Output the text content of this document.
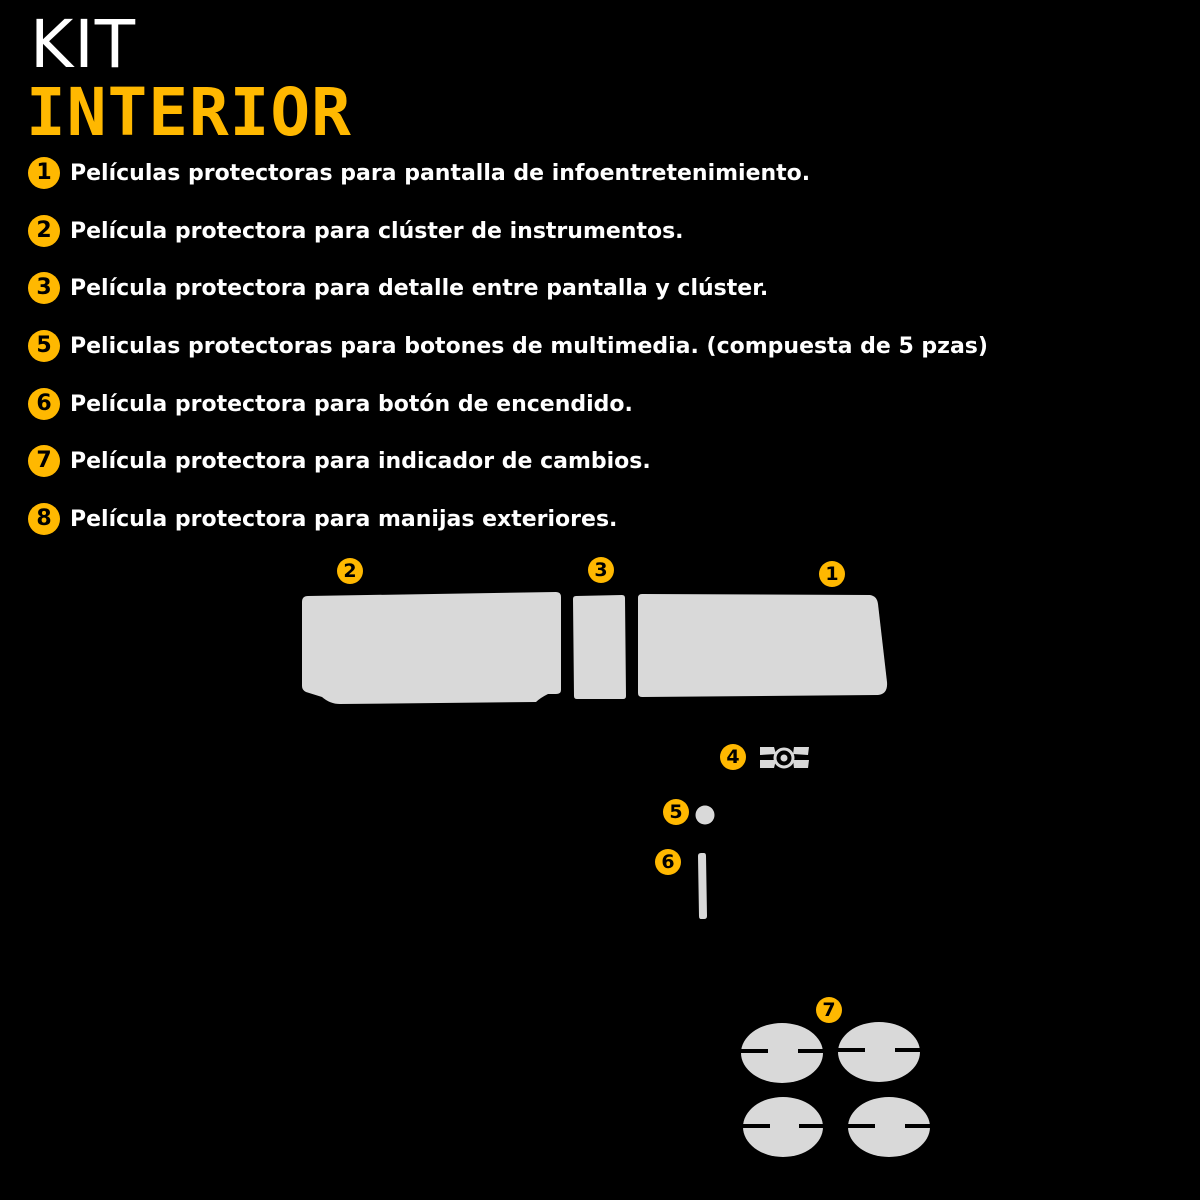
KIT
INTERIOR
1 Películas protectoras para pantalla de infoentretenimiento.
2 Película protectora para clúster de instrumentos.
3 Película protectora para detalle entre pantalla y clúster.
5 Peliculas protectoras para botones de multimedia. (compuesta de 5 pzas)
6 Película protectora para botón de encendido.
7 Película protectora para indicador de cambios.
8 Película protectora para manijas exteriores.
2	3	1
4
5
6
7
